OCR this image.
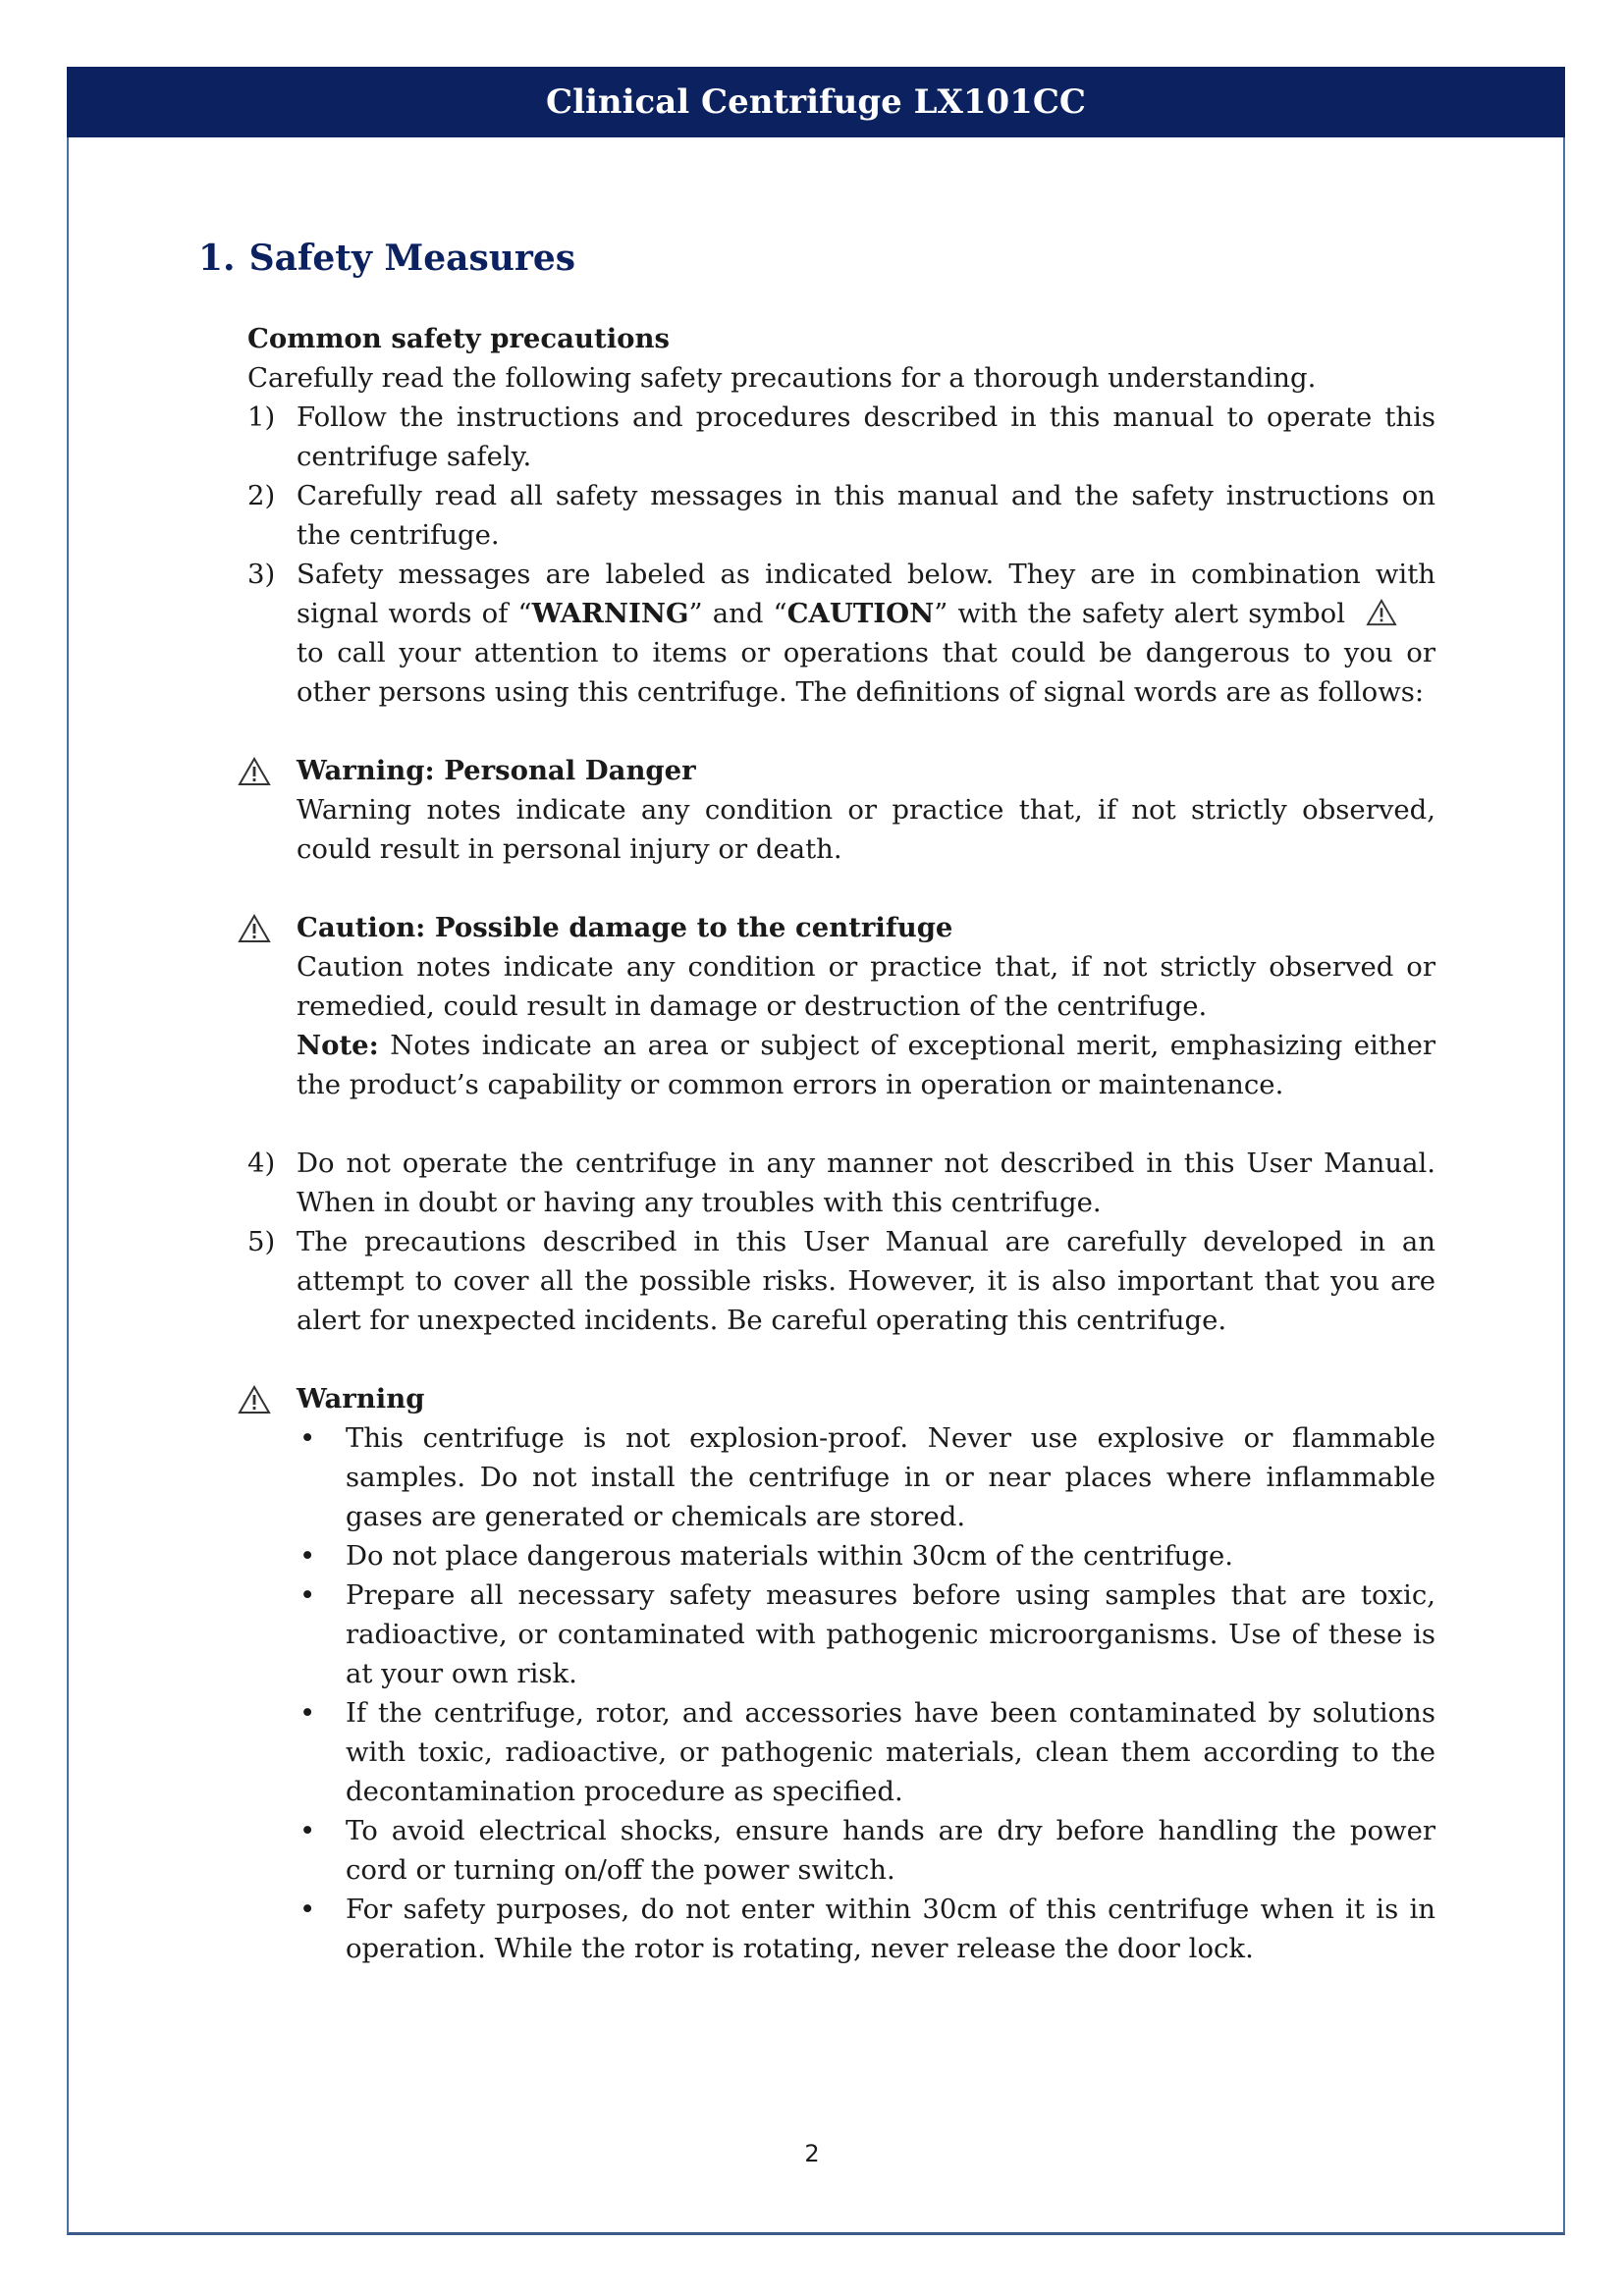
Clinical Centrifuge LX101CC
1. Safety Measures

Common safety precautions

Carefully read the following safety precautions for a thorough understanding.

1) Follow the instructions and procedures described in this manual to operate this centrifuge safely.
2) Carefully read all safety messages in this manual and the safety instructions on the centrifuge.
3) Safety messages are labeled as indicated below. They are in combination with signal words of “WARNING” and “CAUTION” with the safety alert symbolto call your attention to items or operations that could be dangerous to you or other persons using this centrifuge. The definitions of signal words are as follows:

Warning: Personal Danger

Warning notes indicate any condition or practice that, if not strictly observed, could result in personal injury or death.

Caution: Possible damage to the centrifuge

Caution notes indicate any condition or practice that, if not strictly observed or remedied, could result in damage or destruction of the centrifuge.

Note: Notes indicate an area or subject of exceptional merit, emphasizing either the product’s capability or common errors in operation or maintenance.

4) Do not operate the centrifuge in any manner not described in this User Manual. When in doubt or having any troubles with this centrifuge.
5) The precautions described in this User Manual are carefully developed in an attempt to cover all the possible risks. However, it is also important that you are alert for unexpected incidents. Be careful operating this centrifuge.

Warning

• This centrifuge is not explosion-proof. Never use explosive or flammable samples. Do not install the centrifuge in or near places where inflammable gases are generated or chemicals are stored.
• Do not place dangerous materials within 30cm of the centrifuge.
• Prepare all necessary safety measures before using samples that are toxic, radioactive, or contaminated with pathogenic microorganisms. Use of these is at your own risk.
• If the centrifuge, rotor, and accessories have been contaminated by solutions with toxic, radioactive, or pathogenic materials, clean them according to the decontamination procedure as specified.
• To avoid electrical shocks, ensure hands are dry before handling the power cord or turning on/off the power switch.
• For safety purposes, do not enter within 30cm of this centrifuge when it is in operation. While the rotor is rotating, never release the door lock.
2
